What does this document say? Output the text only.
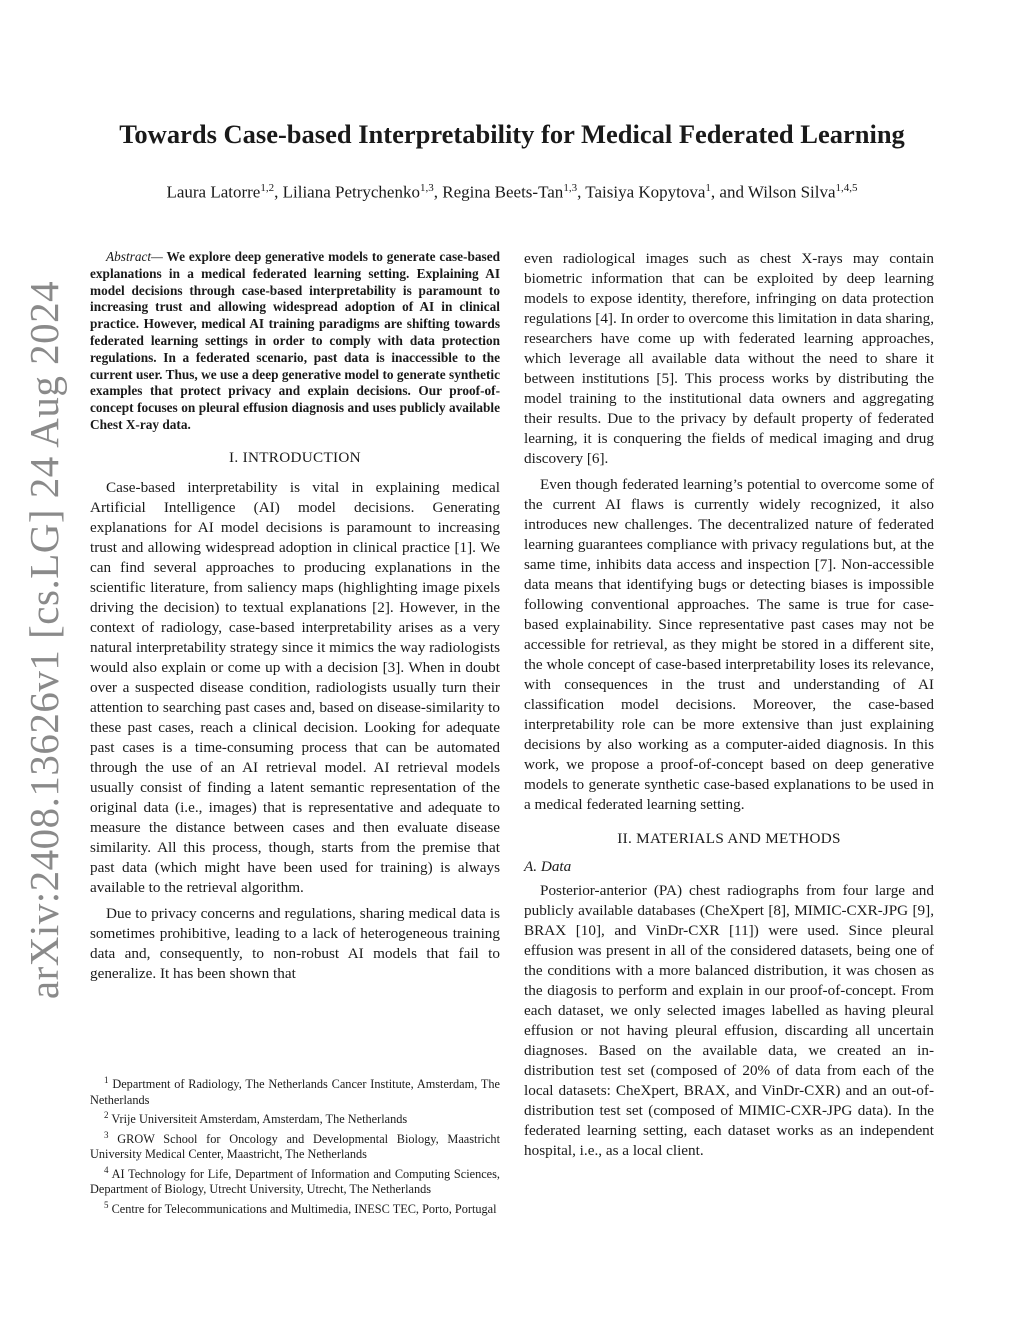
arXiv:2408.13626v1 [cs.LG] 24 Aug 2024
Towards Case-based Interpretability for Medical Federated Learning
Laura Latorre$^{1,2}$, Liliana Petrychenko$^{1,3}$, Regina Beets-Tan$^{1,3}$, Taisiya Kopytova$^1$, and Wilson Silva$^{1,4,5}$

Abstract— We explore deep generative models to generate case-based explanations in a medical federated learning setting. Explaining AI model decisions through case-based interpretability is paramount to increasing trust and allowing widespread adoption of AI in clinical practice. However, medical AI training paradigms are shifting towards federated learning settings in order to comply with data protection regulations. In a federated scenario, past data is inaccessible to the current user. Thus, we use a deep generative model to generate synthetic examples that protect privacy and explain decisions. Our proof-of-concept focuses on pleural effusion diagnosis and uses publicly available Chest X-ray data.

I. INTRODUCTION

Case-based interpretability is vital in explaining medical Artificial Intelligence (AI) model decisions. Generating explanations for AI model decisions is paramount to increasing trust and allowing widespread adoption in clinical practice [1]. We can find several approaches to producing explanations in the scientific literature, from saliency maps (highlighting image pixels driving the decision) to textual explanations [2]. However, in the context of radiology, case-based interpretability arises as a very natural interpretability strategy since it mimics the way radiologists would also explain or come up with a decision [3]. When in doubt over a suspected disease condition, radiologists usually turn their attention to searching past cases and, based on disease-similarity to these past cases, reach a clinical decision. Looking for adequate past cases is a time-consuming process that can be automated through the use of an AI retrieval model. AI retrieval models usually consist of finding a latent semantic representation of the original data (i.e., images) that is representative and adequate to measure the distance between cases and then evaluate disease similarity. All this process, though, starts from the premise that past data (which might have been used for training) is always available to the retrieval algorithm.

Due to privacy concerns and regulations, sharing medical data is sometimes prohibitive, leading to a lack of heterogeneous training data and, consequently, to non-robust AI models that fail to generalize. It has been shown that

$^1$ Department of Radiology, The Netherlands Cancer Institute, Amsterdam, The Netherlands

$^2$ Vrije Universiteit Amsterdam, Amsterdam, The Netherlands

$^3$ GROW School for Oncology and Developmental Biology, Maastricht University Medical Center, Maastricht, The Netherlands

$^4$ AI Technology for Life, Department of Information and Computing Sciences, Department of Biology, Utrecht University, Utrecht, The Netherlands

$^5$ Centre for Telecommunications and Multimedia, INESC TEC, Porto, Portugal

even radiological images such as chest X-rays may contain biometric information that can be exploited by deep learning models to expose identity, therefore, infringing on data protection regulations [4]. In order to overcome this limitation in data sharing, researchers have come up with federated learning approaches, which leverage all available data without the need to share it between institutions [5]. This process works by distributing the model training to the institutional data owners and aggregating their results. Due to the privacy by default property of federated learning, it is conquering the fields of medical imaging and drug discovery [6].

Even though federated learning’s potential to overcome some of the current AI flaws is currently widely recognized, it also introduces new challenges. The decentralized nature of federated learning guarantees compliance with privacy regulations but, at the same time, inhibits data access and inspection [7]. Non-accessible data means that identifying bugs or detecting biases is impossible following conventional approaches. The same is true for case-based explainability. Since representative past cases may not be accessible for retrieval, as they might be stored in a different site, the whole concept of case-based interpretability loses its relevance, with consequences in the trust and understanding of AI classification model decisions. Moreover, the case-based interpretability role can be more extensive than just explaining decisions by also working as a computer-aided diagnosis. In this work, we propose a proof-of-concept based on deep generative models to generate synthetic case-based explanations to be used in a medical federated learning setting.

II. MATERIALS AND METHODS
A. Data

Posterior-anterior (PA) chest radiographs from four large and publicly available databases (CheXpert [8], MIMIC-CXR-JPG [9], BRAX [10], and VinDr-CXR [11]) were used. Since pleural effusion was present in all of the considered datasets, being one of the conditions with a more balanced distribution, it was chosen as the diagosis to perform and explain in our proof-of-concept. From each dataset, we only selected images labelled as having pleural effusion or not having pleural effusion, discarding all uncertain diagnoses. Based on the available data, we created an in-distribution test set (composed of 20% of data from each of the local datasets: CheXpert, BRAX, and VinDr-CXR) and an out-of-distribution test set (composed of MIMIC-CXR-JPG data). In the federated learning setting, each dataset works as an independent hospital, i.e., as a local client.
